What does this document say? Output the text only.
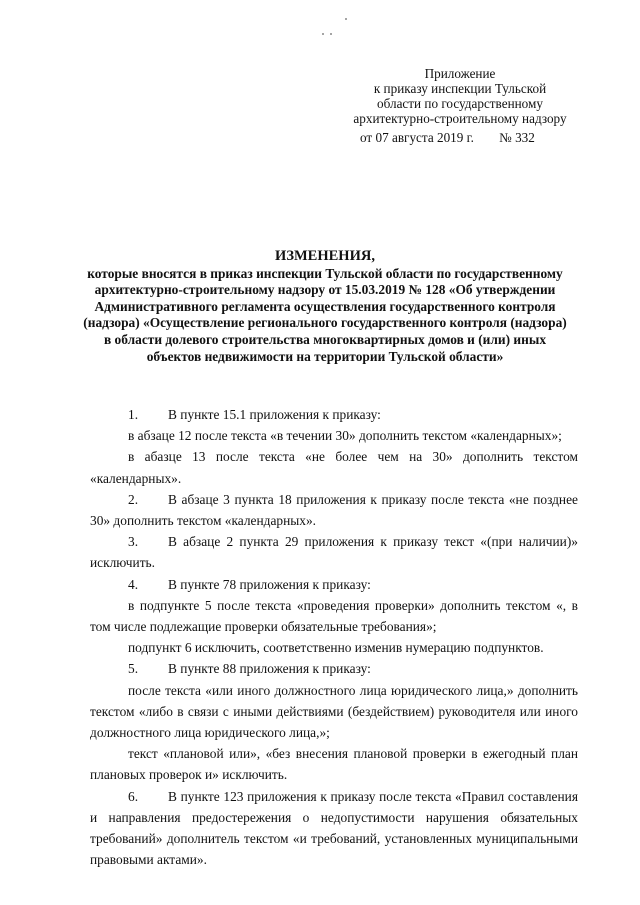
Приложение
к приказу инспекции Тульской
области по государственному
архитектурно-строительному надзору
от 07 августа 2019 г. № 332
ИЗМЕНЕНИЯ,
которые вносятся в приказ инспекции Тульской области по государственному архитектурно-строительному надзору от 15.03.2019 № 128 «Об утверждении Административного регламента осуществления государственного контроля (надзора) «Осуществление регионального государственного контроля (надзора) в области долевого строительства многоквартирных домов и (или) иных объектов недвижимости на территории Тульской области»

1. В пункте 15.1 приложения к приказу:

в абзаце 12 после текста «в течении 30» дополнить текстом «календарных»;

в абазце 13 после текста «не более чем на 30» дополнить текстом «календарных».

2. В абзаце 3 пункта 18 приложения к приказу после текста «не позднее 30» дополнить текстом «календарных».

3. В абзаце 2 пункта 29 приложения к приказу текст «(при наличии)» исключить.

4. В пункте 78 приложения к приказу:

в подпункте 5 после текста «проведения проверки» дополнить текстом «, в том числе подлежащие проверки обязательные требования»;

подпункт 6 исключить, соответственно изменив нумерацию подпунктов.

5. В пункте 88 приложения к приказу:

после текста «или иного должностного лица юридического лица,» дополнить текстом «либо в связи с иными действиями (бездействием) руководителя или иного должностного лица юридического лица,»;

текст «плановой или», «без внесения плановой проверки в ежегодный план плановых проверок и» исключить.

6. В пункте 123 приложения к приказу после текста «Правил составления и направления предостережения о недопустимости нарушения обязательных требований» дополнитель текстом «и требований, установленных муниципальными правовыми актами».
